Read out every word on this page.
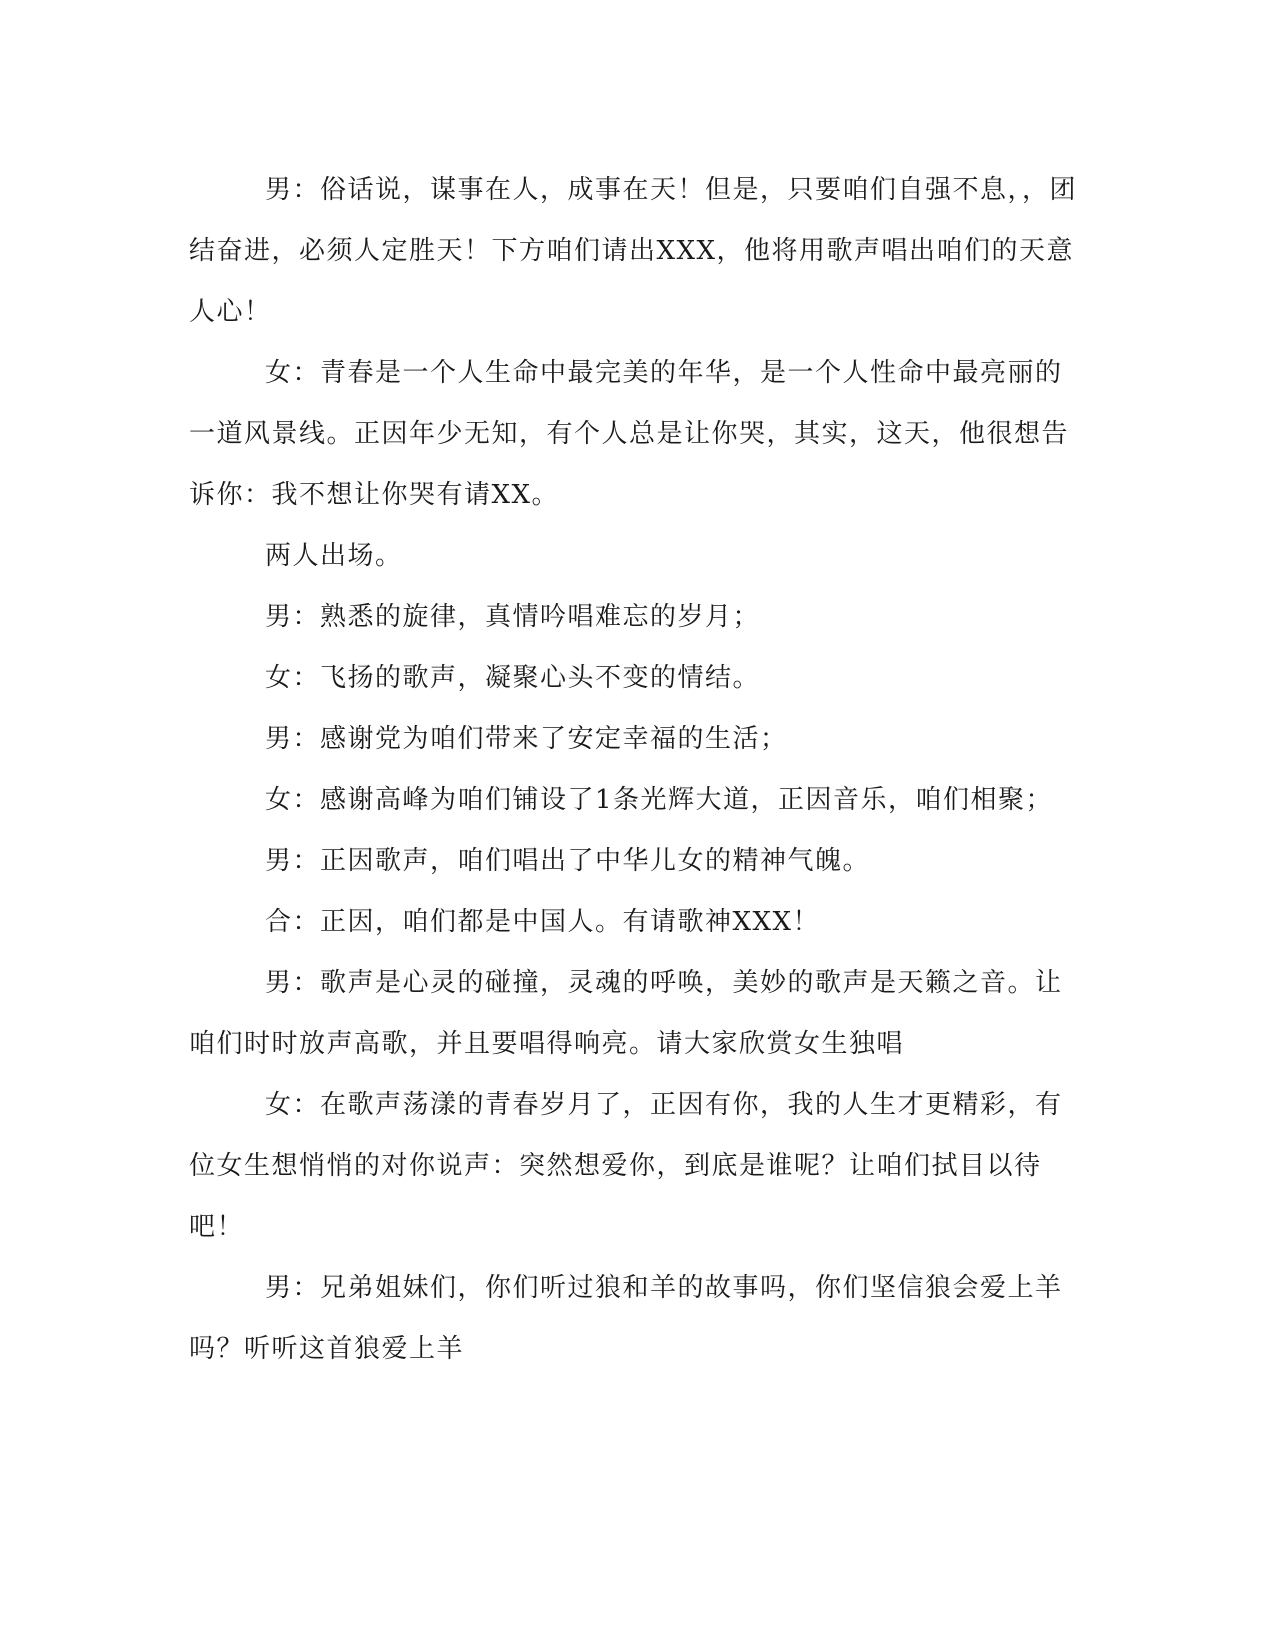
男：俗话说，谋事在人，成事在天！但是，只要咱们自强不息，，团结奋进，必须人定胜天！下方咱们请出XXX，他将用歌声唱出咱们的天意人心！

女：青春是一个人生命中最完美的年华，是一个人性命中最亮丽的一道风景线。正因年少无知，有个人总是让你哭，其实，这天，他很想告诉你：我不想让你哭有请XX。

两人出场。

男：熟悉的旋律，真情吟唱难忘的岁月；

女：飞扬的歌声，凝聚心头不变的情结。

男：感谢党为咱们带来了安定幸福的生活；

女：感谢高峰为咱们铺设了1条光辉大道，正因音乐，咱们相聚；

男：正因歌声，咱们唱出了中华儿女的精神气魄。

合：正因，咱们都是中国人。有请歌神XXX！

男：歌声是心灵的碰撞，灵魂的呼唤，美妙的歌声是天籁之音。让咱们时时放声高歌，并且要唱得响亮。请大家欣赏女生独唱

女：在歌声荡漾的青春岁月了，正因有你，我的人生才更精彩，有位女生想悄悄的对你说声：突然想爱你，到底是谁呢？让咱们拭目以待吧！

男：兄弟姐妹们，你们听过狼和羊的故事吗，你们坚信狼会爱上羊吗？听听这首狼爱上羊
